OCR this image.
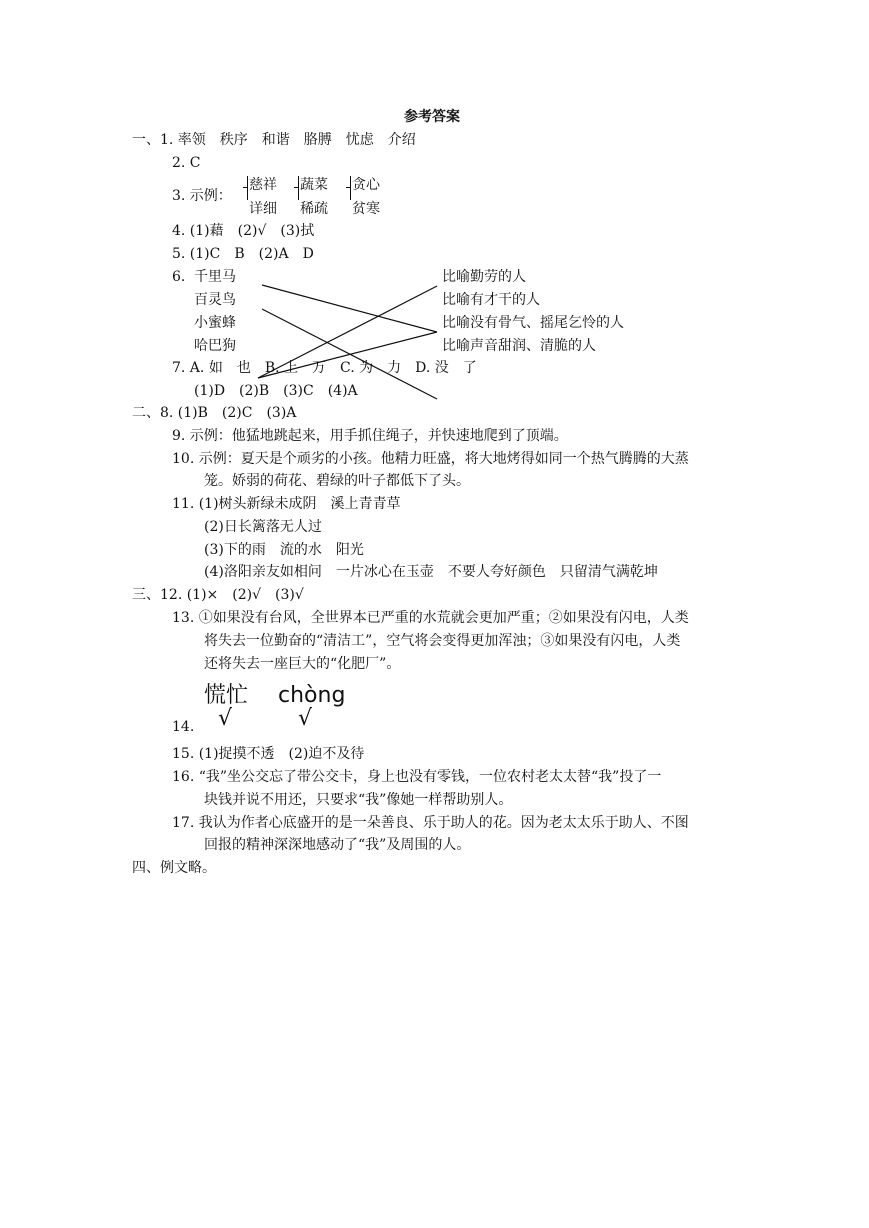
参考答案
一、1. 率领　秩序　和谐　胳膊　忧虑　介绍
2. C
3. 示例：
慈祥
详细
蔬菜
稀疏
贪心
贫寒
4. (1)藉　(2)√　(3)拭
5. (1)C　B　(2)A　D
6. 千里马
百灵鸟
小蜜蜂
哈巴狗
比喻勤劳的人
比喻有才干的人
比喻没有骨气、摇尾乞怜的人
比喻声音甜润、清脆的人
7. A. 如　也　B. 上　万　C. 为　力　D. 没　了
(1)D　(2)B　(3)C　(4)A
二、8. (1)B　(2)C　(3)A
9. 示例：他猛地跳起来，用手抓住绳子，并快速地爬到了顶端。
10. 示例：夏天是个顽劣的小孩。他精力旺盛，将大地烤得如同一个热气腾腾的大蒸
笼。娇弱的荷花、碧绿的叶子都低下了头。
11. (1)树头新绿未成阴　溪上青青草
(2)日长篱落无人过
(3)下的雨　流的水　阳光
(4)洛阳亲友如相问　一片冰心在玉壶　不要人夸好颜色　只留清气满乾坤
三、12. (1)×　(2)√　(3)√
13. ①如果没有台风，全世界本已严重的水荒就会更加严重；②如果没有闪电，人类
将失去一位勤奋的“清洁工”，空气将会变得更加浑浊；③如果没有闪电，人类
还将失去一座巨大的“化肥厂”。
慌忙 chòng
√	√
14.
15. (1)捉摸不透　(2)迫不及待
16. “我”坐公交忘了带公交卡，身上也没有零钱，一位农村老太太替“我”投了一
块钱并说不用还，只要求“我”像她一样帮助别人。
17. 我认为作者心底盛开的是一朵善良、乐于助人的花。因为老太太乐于助人、不图
回报的精神深深地感动了“我”及周围的人。
四、例文略。
